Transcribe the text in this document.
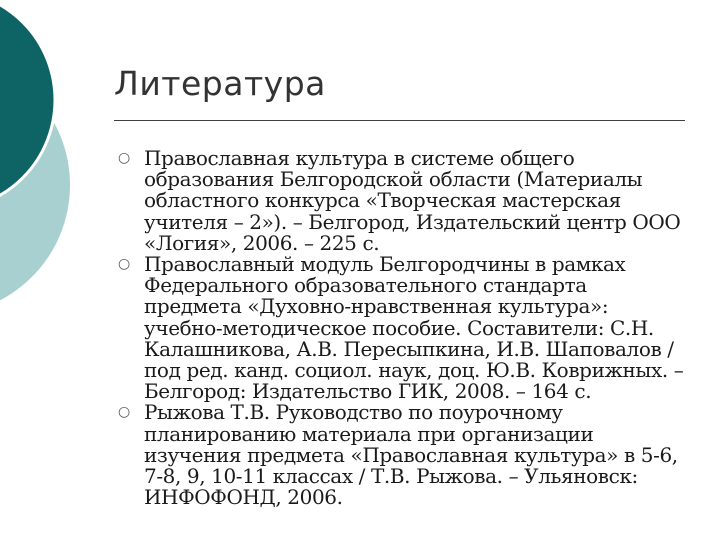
Литература
○ Православная культура в системе общего образования Белгородской области (Материалы областного конкурса «Творческая мастерская учителя – 2»). – Белгород, Издательский центр ООО «Логия», 2006. – 225 с.
○ Православный модуль Белгородчины в рамках Федерального образовательного стандарта предмета «Духовно-нравственная культура»: учебно-методическое пособие. Составители: С.Н. Калашникова, А.В. Пересыпкина, И.В. Шаповалов / под ред. канд. социол. наук, доц. Ю.В. Коврижных. – Белгород: Издательство ГИК, 2008. – 164 с.
○ Рыжова Т.В. Руководство по поурочному планированию материала при организации изучения предмета «Православная культура» в 5-6, 7-8, 9, 10-11 классах / Т.В. Рыжова. – Ульяновск: ИНФОФОНД, 2006.
